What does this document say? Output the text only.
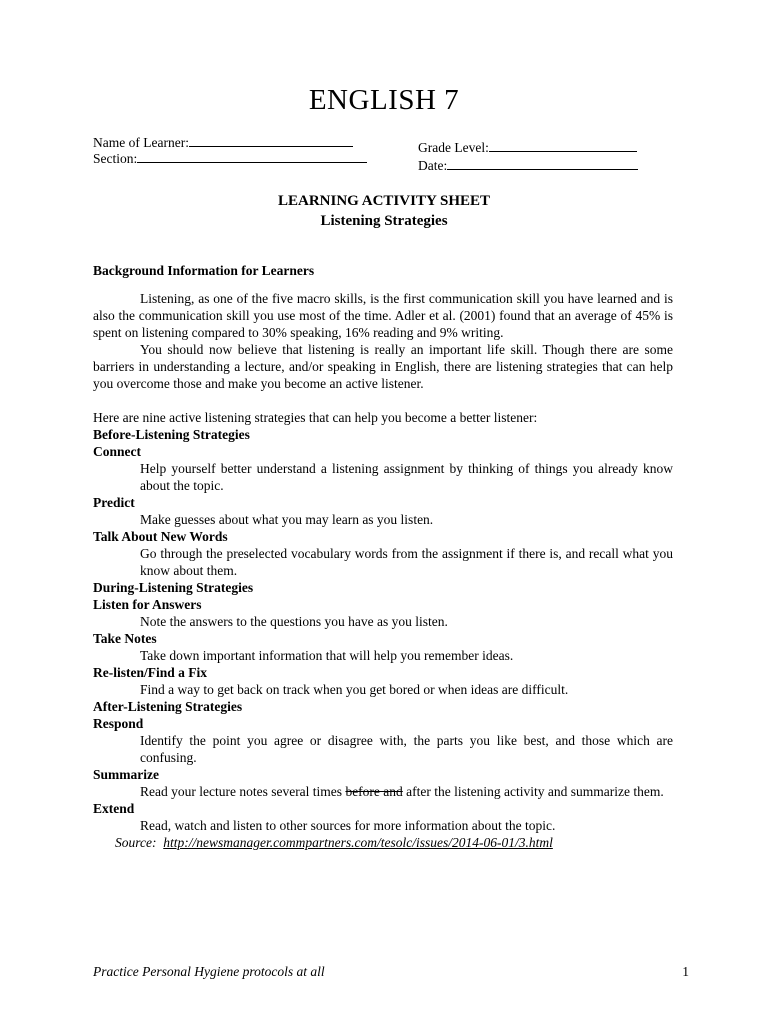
ENGLISH 7
Name of Learner:
Section:
Grade Level:
Date:
LEARNING ACTIVITY SHEET
Listening Strategies
Background Information for Learners
Listening, as one of the five macro skills, is the first communication skill you have learned and is also the communication skill you use most of the time. Adler et al. (2001) found that an average of 45% is spent on listening compared to 30% speaking, 16% reading and 9% writing.
You should now believe that listening is really an important life skill. Though there are some barriers in understanding a lecture, and/or speaking in English, there are listening strategies that can help you overcome those and make you become an active listener.
Here are nine active listening strategies that can help you become a better listener:
Before-Listening Strategies
Connect
Help yourself better understand a listening assignment by thinking of things you already know about the topic.
Predict
Make guesses about what you may learn as you listen.
Talk About New Words
Go through the preselected vocabulary words from the assignment if there is, and recall what you know about them.
During-Listening Strategies
Listen for Answers
Note the answers to the questions you have as you listen.
Take Notes
Take down important information that will help you remember ideas.
Re-listen/Find a Fix
Find a way to get back on track when you get bored or when ideas are difficult.
After-Listening Strategies
Respond
Identify the point you agree or disagree with, the parts you like best, and those which are confusing.
Summarize
Read your lecture notes several times before and after the listening activity and summarize them.
Extend
Read, watch and listen to other sources for more information about the topic.
Source: http://newsmanager.commpartners.com/tesolc/issues/2014-06-01/3.html
Practice Personal Hygiene protocols at all	1
